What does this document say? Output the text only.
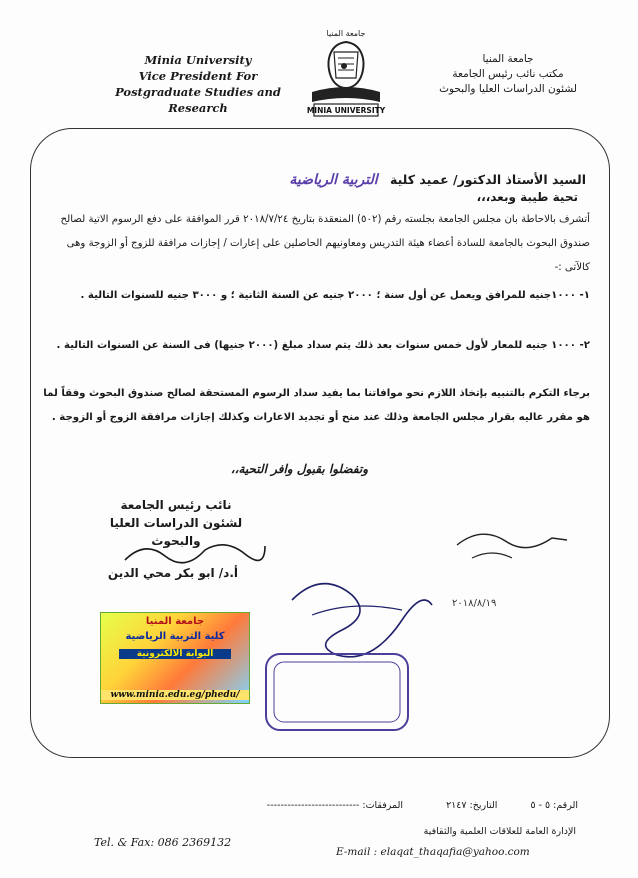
Minia University
Vice President For
Postgraduate Studies and Research
جامعة المنيا
MINIA UNIVERSITY
جامعة المنيا
مكتب نائب رئيس الجامعة
لشئون الدراسات العليا والبحوث
السيد الأستاذ الدكتور/ عميد كلية التربية الرياضية
تحية طيبة وبعد،،،

أتشرف بالاحاطة بان مجلس الجامعة بجلسته رقم (٥٠٢) المنعقدة بتاريخ ٢٠١٨/٧/٢٤ قرر الموافقة على دفع الرسوم الاتية لصالح صندوق البحوث بالجامعة للسادة أعضاء هيئة التدريس ومعاونيهم الحاصلين على إعارات / إجازات مرافقة للزوج أو الزوجة وهى كالآتى :-

١- ١٠٠٠جنيه للمرافق ويعمل عن أول سنة ؛ ٢٠٠٠ جنيه عن السنة الثانية ؛ و ٣٠٠٠ جنيه للسنوات التالية .

٢- ١٠٠٠ جنيه للمعار لأول خمس سنوات بعد ذلك يتم سداد مبلغ (٢٠٠٠ جنيها) فى السنة عن السنوات التالية .

برجاء التكرم بالتنبيه بإتخاذ اللازم نحو موافاتنا بما يفيد سداد الرسوم المستحقة لصالح صندوق البحوث وفقاً لما هو مقرر عاليه بقرار مجلس الجامعة وذلك عند منح أو تجديد الاعارات وكذلك إجازات مرافقة الزوج أو الزوجة .

وتفضلوا بقبول وافر التحية،،
نائب رئيس الجامعة
لشئون الدراسات العليا والبحوث
أ.د/ ابو بكر محي الدين
٢٠١٨/٨/١٩
جامعة المنيا
كلية التربية الرياضية
البوابة الالكترونية
www.minia.edu.eg/phedu/
الرقم: ٥ - ٥ التاريخ: ٢١٤٧ المرفقات: ---------------------------
الإدارة العامة للعلاقات العلمية والثقافية
Tel. & Fax: 086 2369132
E-mail : elaqat_thaqafia@yahoo.com
